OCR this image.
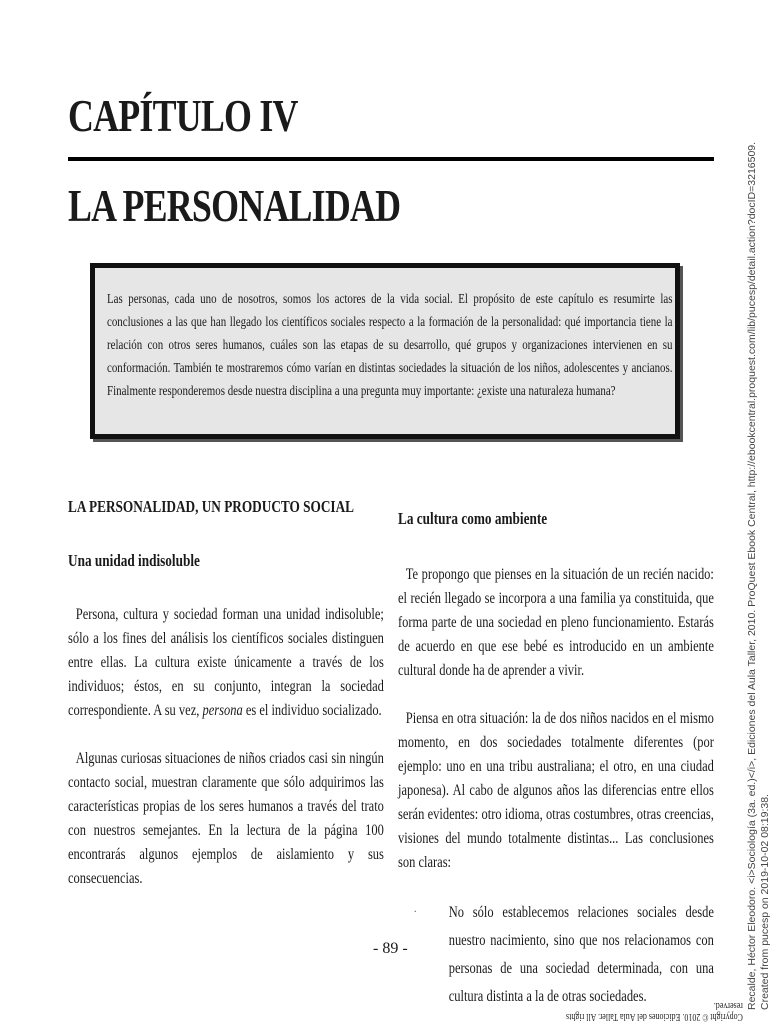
CAPÍTULO IV
LA PERSONALIDAD

Las personas, cada uno de nosotros, somos los actores de la vida social. El propósito de este capítulo es resumirte las conclusiones a las que han llegado los científicos sociales respecto a la formación de la personalidad: qué importancia tiene la relación con otros seres humanos, cuáles son las etapas de su desarrollo, qué grupos y organizaciones intervienen en su conformación. También te mostraremos cómo varían en distintas sociedades la situación de los niños, adolescentes y ancianos. Finalmente responderemos desde nuestra disciplina a una pregunta muy importante: ¿existe una naturaleza humana?

LA PERSONALIDAD, UN PRODUCTO SOCIAL
Una unidad indisoluble

Persona, cultura y sociedad forman una unidad indisoluble; sólo a los fines del análisis los científicos sociales distinguen entre ellas. La cultura existe únicamente a través de los individuos; éstos, en su conjunto, integran la sociedad correspondiente. A su vez, persona es el individuo socializado.

Algunas curiosas situaciones de niños criados casi sin ningún contacto social, muestran claramente que sólo adquirimos las características propias de los seres humanos a través del trato con nuestros semejantes. En la lectura de la página 100 encontrarás algunos ejemplos de aislamiento y sus consecuencias.

La cultura como ambiente

Te propongo que pienses en la situación de un recién nacido: el recién llegado se incorpora a una familia ya constituida, que forma parte de una sociedad en pleno funcionamiento. Estarás de acuerdo en que ese bebé es introducido en un ambiente cultural donde ha de aprender a vivir.

Piensa en otra situación: la de dos niños nacidos en el mismo momento, en dos sociedades totalmente diferentes (por ejemplo: uno en una tribu australiana; el otro, en una ciudad japonesa). Al cabo de algunos años las diferencias entre ellos serán evidentes: otro idioma, otras costumbres, otras creencias, visiones del mundo totalmente distintas... Las conclusiones son claras:

·	No sólo establecemos relaciones sociales desde nuestro nacimiento, sino que nos relacionamos con personas de una sociedad determinada, con una cultura distinta a la de otras sociedades.
- 89 -
Copyright © 2010. Ediciones del Aula Taller. All rights reserved. Recalde, Héctor Eleodoro. <i>Sociología (3a. ed.)</i>, Ediciones del Aula Taller, 2010. ProQuest Ebook Central, http://ebookcentral.proquest.com/lib/pucesp/detail.action?docID=3216509. Created from pucesp on 2019-10-02 08:19:38.
